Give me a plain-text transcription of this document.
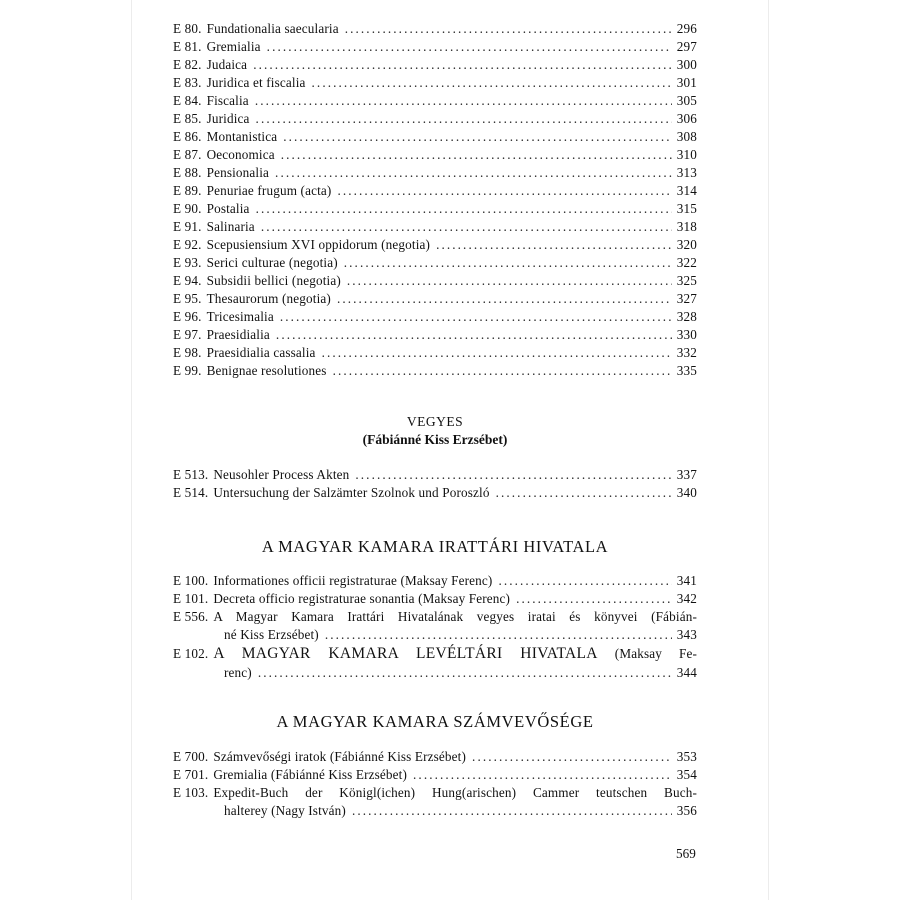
E 80. Fundationalia saecularia . . .	296
E 81. Gremialia . . .	297
E 82. Judaica . . .	300
E 83. Juridica et fiscalia . . .	301
E 84. Fiscalia . . .	305
E 85. Juridica . . .	306
E 86. Montanistica . . .	308
E 87. Oeconomica . . .	310
E 88. Pensionalia . . .	313
E 89. Penuriae frugum (acta) . . .	314
E 90. Postalia . . .	315
E 91. Salinaria . . .	318
E 92. Scepusiensium XVI oppidorum (negotia) . . .	320
E 93. Serici culturae (negotia) . . .	322
E 94. Subsidii bellici (negotia) . . .	325
E 95. Thesaurorum (negotia) . . .	327
E 96. Tricesimalia . . .	328
E 97. Praesidialia . . .	330
E 98. Praesidialia cassalia . . .	332
E 99. Benignae resolutiones . . .	335
VEGYES
(Fábiánné Kiss Erzsébet)
E 513. Neusohler Process Akten . . .	337
E 514. Untersuchung der Salzämter Szolnok und Poroszló . . .	340
A MAGYAR KAMARA IRATTÁRI HIVATALA
E 100. Informationes officii registraturae (Maksay Ferenc) . . .	341
E 101. Decreta officio registraturae sonantia (Maksay Ferenc) . . .	342
E 556. A Magyar Kamara Irattári Hivatalának vegyes iratai és könyvei (Fábián-
né Kiss Erzsébet) . . .	343
E 102. A MAGYAR KAMARA LEVÉLTÁRI HIVATALA (Maksay Fe-
renc) . . .	344
A MAGYAR KAMARA SZÁMVEVŐSÉGE
E 700. Számvevőségi iratok (Fábiánné Kiss Erzsébet) . . .	353
E 701. Gremialia (Fábiánné Kiss Erzsébet) . . .	354
E 103. Expedit-Buch der Königl(ichen) Hung(arischen) Cammer teutschen Buch-
halterey (Nagy István) . . .	356
569
